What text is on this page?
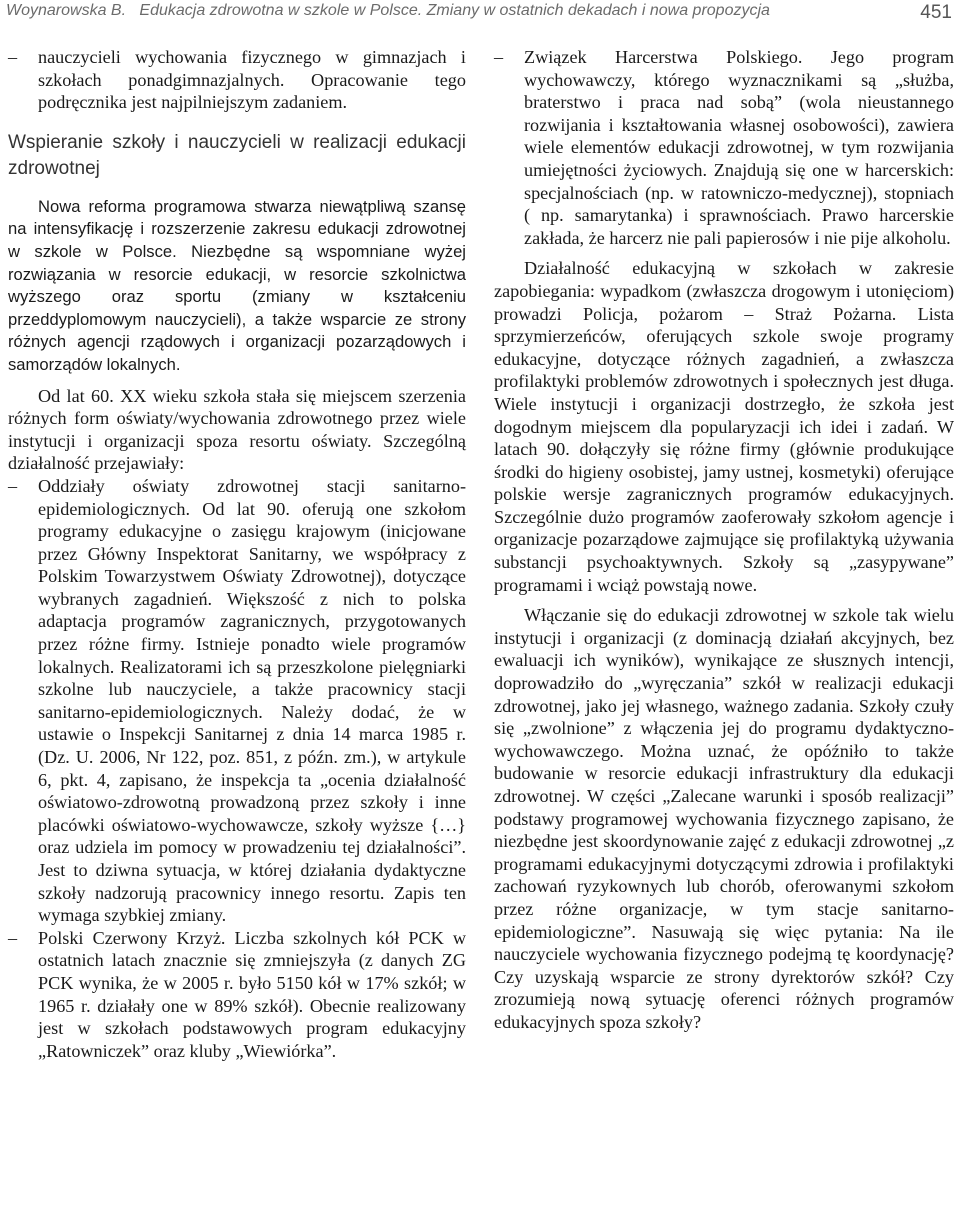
Woynarowska B. Edukacja zdrowotna w szkole w Polsce. Zmiany w ostatnich dekadach i nowa propozycja	451
–	nauczycieli wychowania fizycznego w gimnazjach i szkołach ponadgimnazjalnych. Opracowanie tego podręcznika jest najpilniejszym zadaniem.
Wspieranie szkoły i nauczycieli w realizacji edukacji zdrowotnej

Nowa reforma programowa stwarza niewątpliwą szansę na intensyfikację i rozszerzenie zakresu edukacji zdrowotnej w szkole w Polsce. Niezbędne są wspomniane wyżej rozwiązania w resorcie edukacji, w resorcie szkolnictwa wyższego oraz sportu (zmiany w kształceniu przeddyplomowym nauczycieli), a także wsparcie ze strony różnych agencji rządowych i organizacji pozarządowych i samorządów lokalnych.

Od lat 60. XX wieku szkoła stała się miejscem szerzenia różnych form oświaty/wychowania zdrowotnego przez wiele instytucji i organizacji spoza resortu oświaty. Szczególną działalność przejawiały:

–	Oddziały oświaty zdrowotnej stacji sanitarno-epidemiologicznych. Od lat 90. oferują one szkołom programy edukacyjne o zasięgu krajowym (inicjowane przez Główny Inspektorat Sanitarny, we współpracy z Polskim Towarzystwem Oświaty Zdrowotnej), dotyczące wybranych zagadnień. Większość z nich to polska adaptacja programów zagranicznych, przygotowanych przez różne firmy. Istnieje ponadto wiele programów lokalnych. Realizatorami ich są przeszkolone pielęgniarki szkolne lub nauczyciele, a także pracownicy stacji sanitarno-epidemiologicznych. Należy dodać, że w ustawie o Inspekcji Sanitarnej z dnia 14 marca 1985 r. (Dz. U. 2006, Nr 122, poz. 851, z późn. zm.), w artykule 6, pkt. 4, zapisano, że inspekcja ta „ocenia działalność oświatowo-zdrowotną prowadzoną przez szkoły i inne placówki oświatowo-wychowawcze, szkoły wyższe {…} oraz udziela im pomocy w prowadzeniu tej działalności”. Jest to dziwna sytuacja, w której działania dydaktyczne szkoły nadzorują pracownicy innego resortu. Zapis ten wymaga szybkiej zmiany.
–	Polski Czerwony Krzyż. Liczba szkolnych kół PCK w ostatnich latach znacznie się zmniejszyła (z danych ZG PCK wynika, że w 2005 r. było 5150 kół w 17% szkół; w 1965 r. działały one w 89% szkół). Obecnie realizowany jest w szkołach podstawowych program edukacyjny „Ratowniczek” oraz kluby „Wiewiórka”.
–	Związek Harcerstwa Polskiego. Jego program wychowawczy, którego wyznacznikami są „służba, braterstwo i praca nad sobą” (wola nieustannego rozwijania i kształtowania własnej osobowości), zawiera wiele elementów edukacji zdrowotnej, w tym rozwijania umiejętności życiowych. Znajdują się one w harcerskich: specjalnościach (np. w ratowniczo-medycznej), stopniach ( np. samarytanka) i sprawnościach. Prawo harcerskie zakłada, że harcerz nie pali papierosów i nie pije alkoholu.

Działalność edukacyjną w szkołach w zakresie zapobiegania: wypadkom (zwłaszcza drogowym i utonięciom) prowadzi Policja, pożarom – Straż Pożarna. Lista sprzymierzeńców, oferujących szkole swoje programy edukacyjne, dotyczące różnych zagadnień, a zwłaszcza profilaktyki problemów zdrowotnych i społecznych jest długa. Wiele instytucji i organizacji dostrzegło, że szkoła jest dogodnym miejscem dla popularyzacji ich idei i zadań. W latach 90. dołączyły się różne firmy (głównie produkujące środki do higieny osobistej, jamy ustnej, kosmetyki) oferujące polskie wersje zagranicznych programów edukacyjnych. Szczególnie dużo programów zaoferowały szkołom agencje i organizacje pozarządowe zajmujące się profilaktyką używania substancji psychoaktywnych. Szkoły są „zasypywane” programami i wciąż powstają nowe.

Włączanie się do edukacji zdrowotnej w szkole tak wielu instytucji i organizacji (z dominacją działań akcyjnych, bez ewaluacji ich wyników), wynikające ze słusznych intencji, doprowadziło do „wyręczania” szkół w realizacji edukacji zdrowotnej, jako jej własnego, ważnego zadania. Szkoły czuły się „zwolnione” z włączenia jej do programu dydaktyczno-wychowawczego. Można uznać, że opóźniło to także budowanie w resorcie edukacji infrastruktury dla edukacji zdrowotnej. W części „Zalecane warunki i sposób realizacji” podstawy programowej wychowania fizycznego zapisano, że niezbędne jest skoordynowanie zajęć z edukacji zdrowotnej „z programami edukacyjnymi dotyczącymi zdrowia i profilaktyki zachowań ryzykownych lub chorób, oferowanymi szkołom przez różne organizacje, w tym stacje sanitarno-epidemiologiczne”. Nasuwają się więc pytania: Na ile nauczyciele wychowania fizycznego podejmą tę koordynację? Czy uzyskają wsparcie ze strony dyrektorów szkół? Czy zrozumieją nową sytuację oferenci różnych programów edukacyjnych spoza szkoły?
